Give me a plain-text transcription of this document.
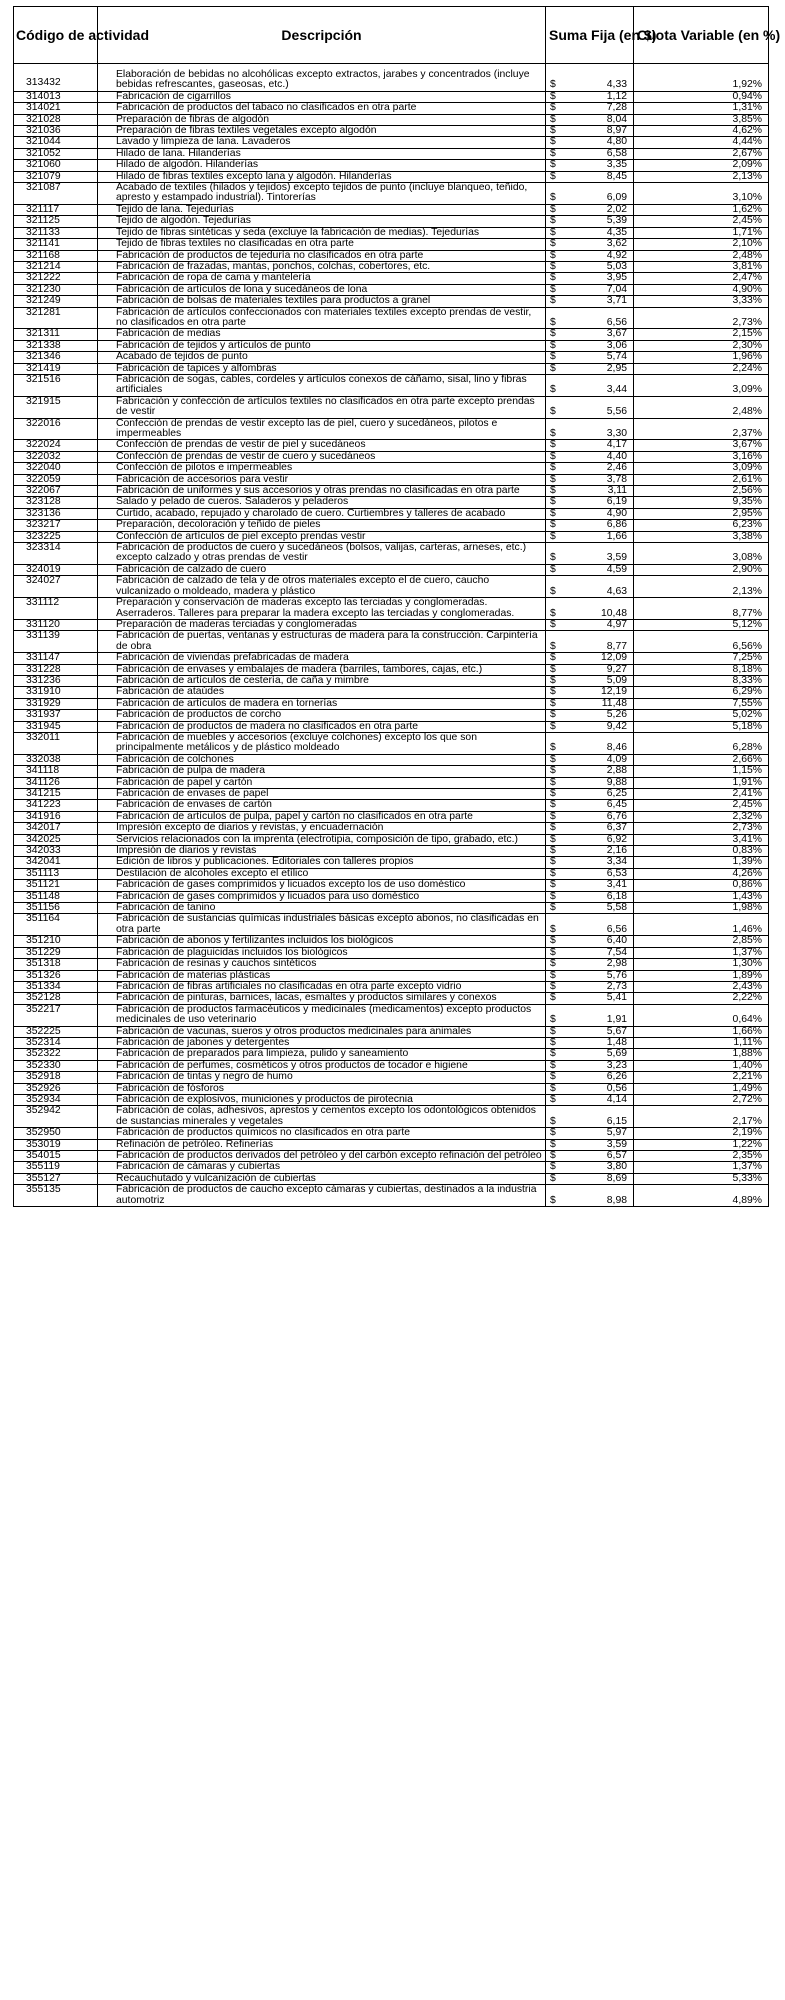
Código de actividad	Descripción	Suma Fija (en $)		Cuota Variable (en %)
313432	Elaboración de bebidas no alcohólicas excepto extractos, jarabes y concentrados (incluye bebidas refrescantes, gaseosas, etc.)	$	4,33	1,92%
314013	Fabricación de cigarrillos	$	1,12	0,94%
314021	Fabricación de productos del tabaco no clasificados en otra parte	$	7,28	1,31%
321028	Preparación de fibras de algodón	$	8,04	3,85%
321036	Preparación de fibras textiles vegetales excepto algodón	$	8,97	4,62%
321044	Lavado y limpieza de lana. Lavaderos	$	4,80	4,44%
321052	Hilado de lana. Hilanderías	$	6,58	2,67%
321060	Hilado de algodón. Hilanderías	$	3,35	2,09%
321079	Hilado de fibras textiles excepto lana y algodón. Hilanderías	$	8,45	2,13%
321087	Acabado de textiles (hilados y tejidos) excepto tejidos de punto (incluye blanqueo, teñido, apresto y estampado industrial). Tintorerías	$	6,09	3,10%
321117	Tejido de lana. Tejedurías	$	2,02	1,62%
321125	Tejido de algodón. Tejedurías	$	5,39	2,45%
321133	Tejido de fibras sintéticas y seda (excluye la fabricación de medias). Tejedurías	$	4,35	1,71%
321141	Tejido de fibras textiles no clasificadas en otra parte	$	3,62	2,10%
321168	Fabricación de productos de tejeduría no clasificados en otra parte	$	4,92	2,48%
321214	Fabricación de frazadas, mantas, ponchos, colchas, cobertores, etc.	$	5,03	3,81%
321222	Fabricación de ropa de cama y mantelería	$	3,95	2,47%
321230	Fabricación de artículos de lona y sucedáneos de lona	$	7,04	4,90%
321249	Fabricación de bolsas de materiales textiles para productos a granel	$	3,71	3,33%
321281	Fabricación de artículos confeccionados con materiales textiles excepto prendas de vestir, no clasificados en otra parte	$	6,56	2,73%
321311	Fabricación de medias	$	3,67	2,15%
321338	Fabricación de tejidos y artículos de punto	$	3,06	2,30%
321346	Acabado de tejidos de punto	$	5,74	1,96%
321419	Fabricación de tapices y alfombras	$	2,95	2,24%
321516	Fabricación de sogas, cables, cordeles y artículos conexos de cáñamo, sisal, lino y fibras artificiales	$	3,44	3,09%
321915	Fabricación y confección de artículos textiles no clasificados en otra parte excepto prendas de vestir	$	5,56	2,48%
322016	Confección de prendas de vestir excepto las de piel, cuero y sucedáneos, pilotos e impermeables	$	3,30	2,37%
322024	Confección de prendas de vestir de piel y sucedáneos	$	4,17	3,67%
322032	Confección de prendas de vestir de cuero y sucedáneos	$	4,40	3,16%
322040	Confección de pilotos e impermeables	$	2,46	3,09%
322059	Fabricación de accesorios para vestir	$	3,78	2,61%
322067	Fabricación de uniformes y sus accesorios y otras prendas no clasificadas en otra parte	$	3,11	2,56%
323128	Salado y pelado de cueros. Saladeros y peladeros	$	6,19	9,35%
323136	Curtido, acabado, repujado y charolado de cuero. Curtiembres y talleres de acabado	$	4,90	2,95%
323217	Preparación, decoloración y teñido de pieles	$	6,86	6,23%
323225	Confección de artículos de piel excepto prendas vestir	$	1,66	3,38%
323314	Fabricación de productos de cuero y sucedáneos (bolsos, valijas, carteras, arneses, etc.) excepto calzado y otras prendas de vestir	$	3,59	3,08%
324019	Fabricación de calzado de cuero	$	4,59	2,90%
324027	Fabricación de calzado de tela y de otros materiales excepto el de cuero, caucho vulcanizado o moldeado, madera y plástico	$	4,63	2,13%
331112	Preparación y conservación de maderas excepto las terciadas y conglomeradas. Aserraderos. Talleres para preparar la madera excepto las terciadas y conglomeradas.	$	10,48	8,77%
331120	Preparación de maderas terciadas y conglomeradas	$	4,97	5,12%
331139	Fabricación de puertas, ventanas y estructuras de madera para la construcción. Carpintería de obra	$	8,77	6,56%
331147	Fabricación de viviendas prefabricadas de madera	$	12,09	7,25%
331228	Fabricación de envases y embalajes de madera (barriles, tambores, cajas, etc.)	$	9,27	8,18%
331236	Fabricación de artículos de cestería, de caña y mimbre	$	5,09	8,33%
331910	Fabricación de ataúdes	$	12,19	6,29%
331929	Fabricación de artículos de madera en tornerías	$	11,48	7,55%
331937	Fabricación de productos de corcho	$	5,26	5,02%
331945	Fabricación de productos de madera no clasificados en otra parte	$	9,42	5,18%
332011	Fabricación de muebles y accesorios (excluye colchones) excepto los que son principalmente metálicos y de plástico moldeado	$	8,46	6,28%
332038	Fabricación de colchones	$	4,09	2,66%
341118	Fabricación de pulpa de madera	$	2,88	1,15%
341126	Fabricación de papel y cartón	$	9,88	1,91%
341215	Fabricación de envases de papel	$	6,25	2,41%
341223	Fabricación de envases de cartón	$	6,45	2,45%
341916	Fabricación de artículos de pulpa, papel y cartón no clasificados en otra parte	$	6,76	2,32%
342017	Impresión excepto de diarios y revistas, y encuadernación	$	6,37	2,73%
342025	Servicios relacionados con la imprenta (electrotipia, composición de tipo, grabado, etc.)	$	6,92	3,41%
342033	Impresión de diarios y revistas	$	2,16	0,83%
342041	Edición de libros y publicaciones. Editoriales con talleres propios	$	3,34	1,39%
351113	Destilación de alcoholes excepto el etílico	$	6,53	4,26%
351121	Fabricación de gases comprimidos y licuados excepto los de uso doméstico	$	3,41	0,86%
351148	Fabricación de gases comprimidos y licuados para uso doméstico	$	6,18	1,43%
351156	Fabricación de tanino	$	5,58	1,98%
351164	Fabricación de sustancias químicas industriales básicas excepto abonos, no clasificadas en otra parte	$	6,56	1,46%
351210	Fabricación de abonos y fertilizantes incluidos los biológicos	$	6,40	2,85%
351229	Fabricación de plaguicidas incluidos los biológicos	$	7,54	1,37%
351318	Fabricación de resinas y cauchos sintéticos	$	2,98	1,30%
351326	Fabricación de materias plásticas	$	5,76	1,89%
351334	Fabricación de fibras artificiales no clasificadas en otra parte excepto vidrio	$	2,73	2,43%
352128	Fabricación de pinturas, barnices, lacas, esmaltes y productos similares y conexos	$	5,41	2,22%
352217	Fabricación de productos farmacéuticos y medicinales (medicamentos) excepto productos medicinales de uso veterinario	$	1,91	0,64%
352225	Fabricación de vacunas, sueros y otros productos medicinales para animales	$	5,67	1,66%
352314	Fabricación de jabones y detergentes	$	1,48	1,11%
352322	Fabricación de preparados para limpieza, pulido y saneamiento	$	5,69	1,88%
352330	Fabricación de perfumes, cosméticos y otros productos de tocador e higiene	$	3,23	1,40%
352918	Fabricación de tintas y negro de humo	$	6,26	2,21%
352926	Fabricación de fósforos	$	0,56	1,49%
352934	Fabricación de explosivos, municiones y productos de pirotecnia	$	4,14	2,72%
352942	Fabricación de colas, adhesivos, aprestos y cementos excepto los odontológicos obtenidos de sustancias minerales y vegetales	$	6,15	2,17%
352950	Fabricación de productos químicos no clasificados en otra parte	$	5,97	2,19%
353019	Refinación de petróleo. Refinerías	$	3,59	1,22%
354015	Fabricación de productos derivados del petróleo y del carbón excepto refinación del petróleo	$	6,57	2,35%
355119	Fabricación de cámaras y cubiertas	$	3,80	1,37%
355127	Recauchutado y vulcanización de cubiertas	$	8,69	5,33%
355135	Fabricación de productos de caucho excepto cámaras y cubiertas, destinados a la industria automotriz	$	8,98	4,89%
